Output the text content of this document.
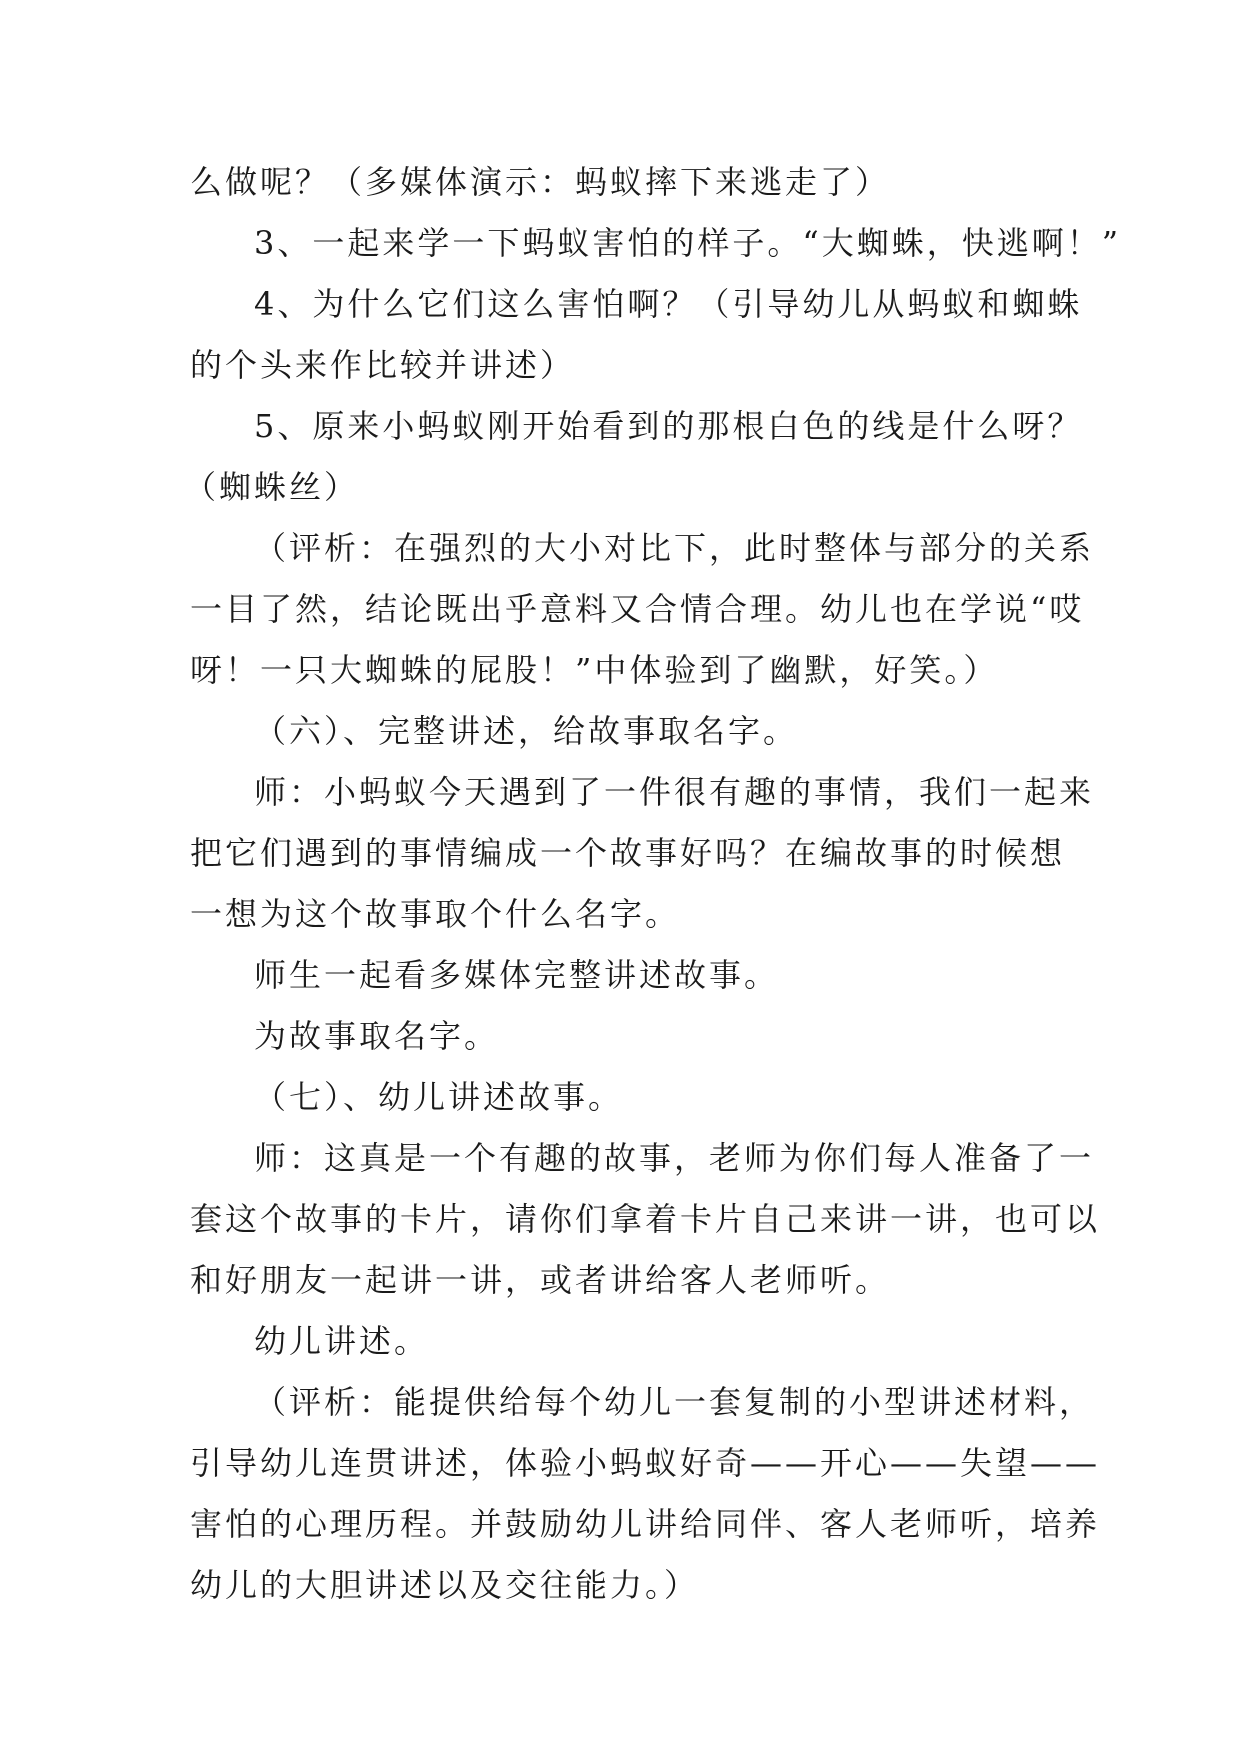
么做呢？（多媒体演示：蚂蚁摔下来逃走了）
3、一起来学一下蚂蚁害怕的样子。“大蜘蛛，快逃啊！”
4、为什么它们这么害怕啊？（引导幼儿从蚂蚁和蜘蛛
的个头来作比较并讲述）
5、原来小蚂蚁刚开始看到的那根白色的线是什么呀？
（蜘蛛丝）
（评析：在强烈的大小对比下，此时整体与部分的关系
一目了然，结论既出乎意料又合情合理。幼儿也在学说“哎
呀！一只大蜘蛛的屁股！”中体验到了幽默，好笑。）
（六）、完整讲述，给故事取名字。
师：小蚂蚁今天遇到了一件很有趣的事情，我们一起来
把它们遇到的事情编成一个故事好吗？在编故事的时候想
一想为这个故事取个什么名字。
师生一起看多媒体完整讲述故事。
为故事取名字。
（七）、幼儿讲述故事。
师：这真是一个有趣的故事，老师为你们每人准备了一
套这个故事的卡片，请你们拿着卡片自己来讲一讲，也可以
和好朋友一起讲一讲，或者讲给客人老师听。
幼儿讲述。
（评析：能提供给每个幼儿一套复制的小型讲述材料，
引导幼儿连贯讲述，体验小蚂蚁好奇——开心——失望——
害怕的心理历程。并鼓励幼儿讲给同伴、客人老师听，培养
幼儿的大胆讲述以及交往能力。）
